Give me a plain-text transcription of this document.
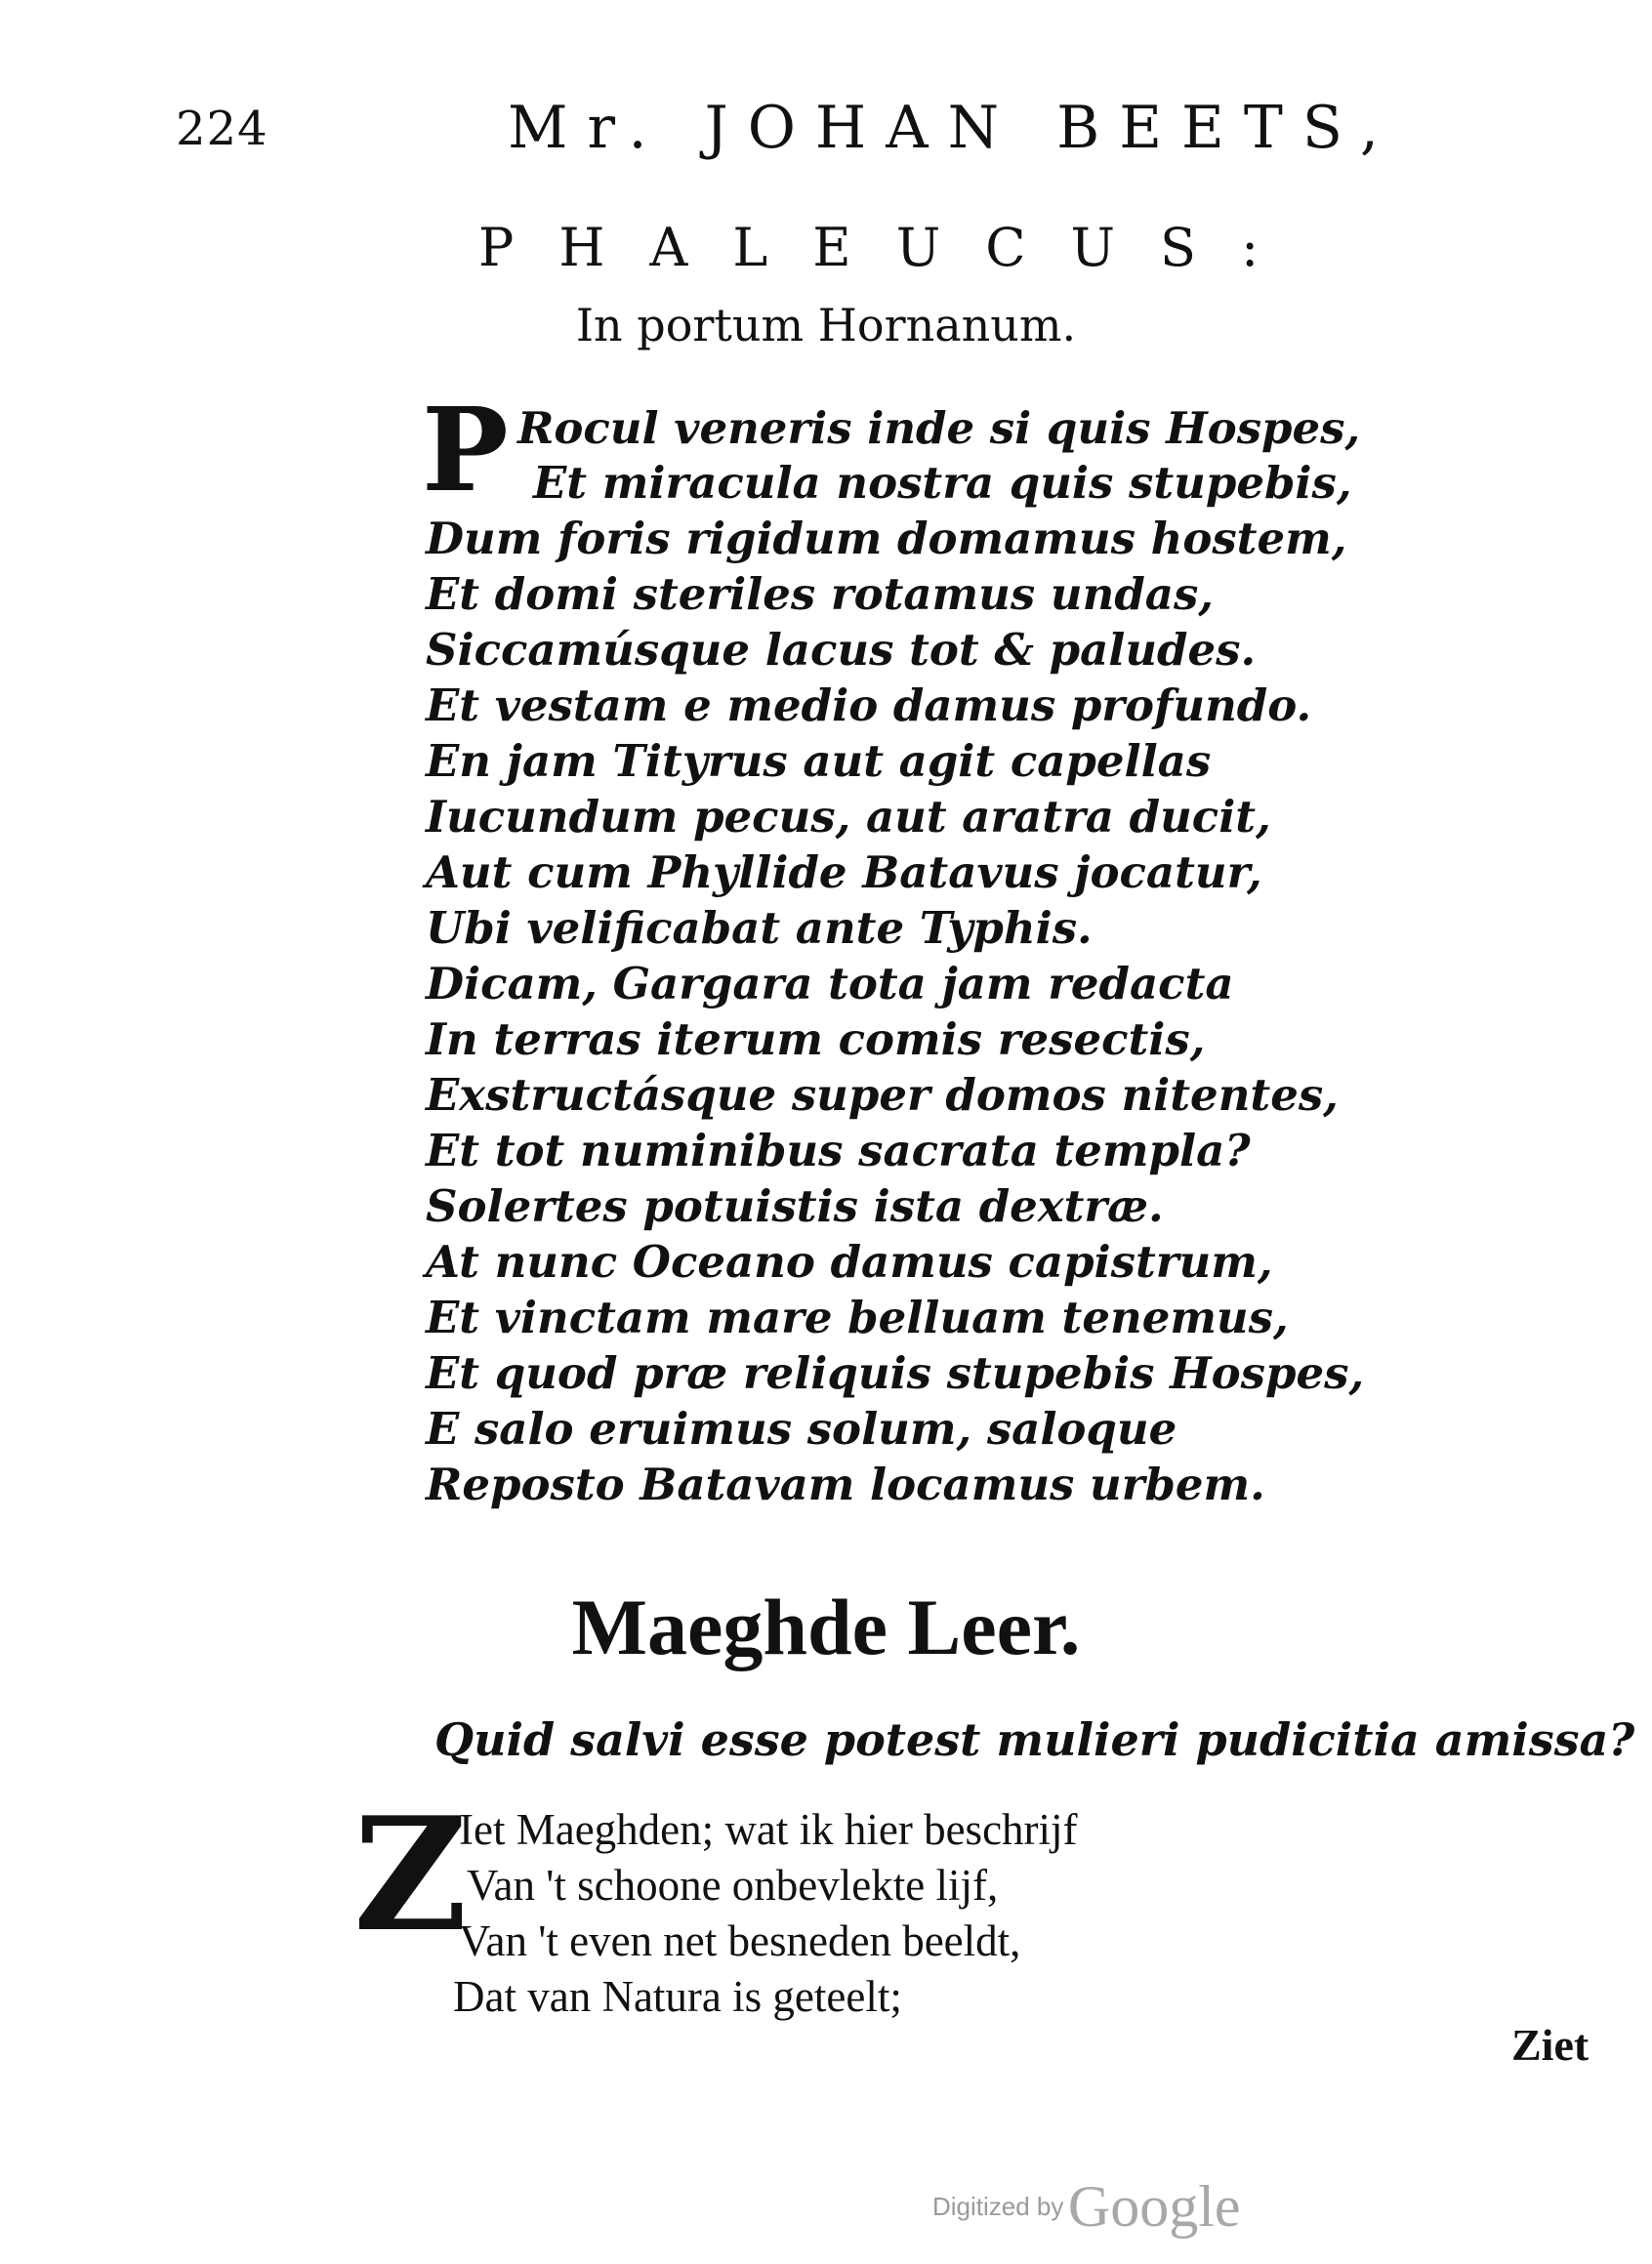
224	Mr. JOHAN BEETS,
PHALEUCUS:
In portum Hornanum.
P Rocul veneris inde si quis Hospes,
Et miracula nostra quis stupebis,
Dum foris rigidum domamus hostem,
Et domi steriles rotamus undas,
Siccamúsque lacus tot & paludes.
Et vestam e medio damus profundo.
En jam Tityrus aut agit capellas
Iucundum pecus, aut aratra ducit,
Aut cum Phyllide Batavus jocatur,
Ubi velificabat ante Typhis.
Dicam, Gargara tota jam redacta
In terras iterum comis resectis,
Exstructásque super domos nitentes,
Et tot numinibus sacrata templa?
Solertes potuistis ista dextræ.
At nunc Oceano damus capistrum,
Et vinctam mare belluam tenemus,
Et quod præ reliquis stupebis Hospes,
E salo eruimus solum, saloque
Reposto Batavam locamus urbem.
Maeghde Leer.
Quid salvi esse potest mulieri pudicitia amissa?
Z
Iet Maeghden; wat ik hier beschrijf
Van 't schoone onbevlekte lijf,
Van 't even net besneden beeldt,
Dat van Natura is geteelt;
Ziet
Digitized by Google
